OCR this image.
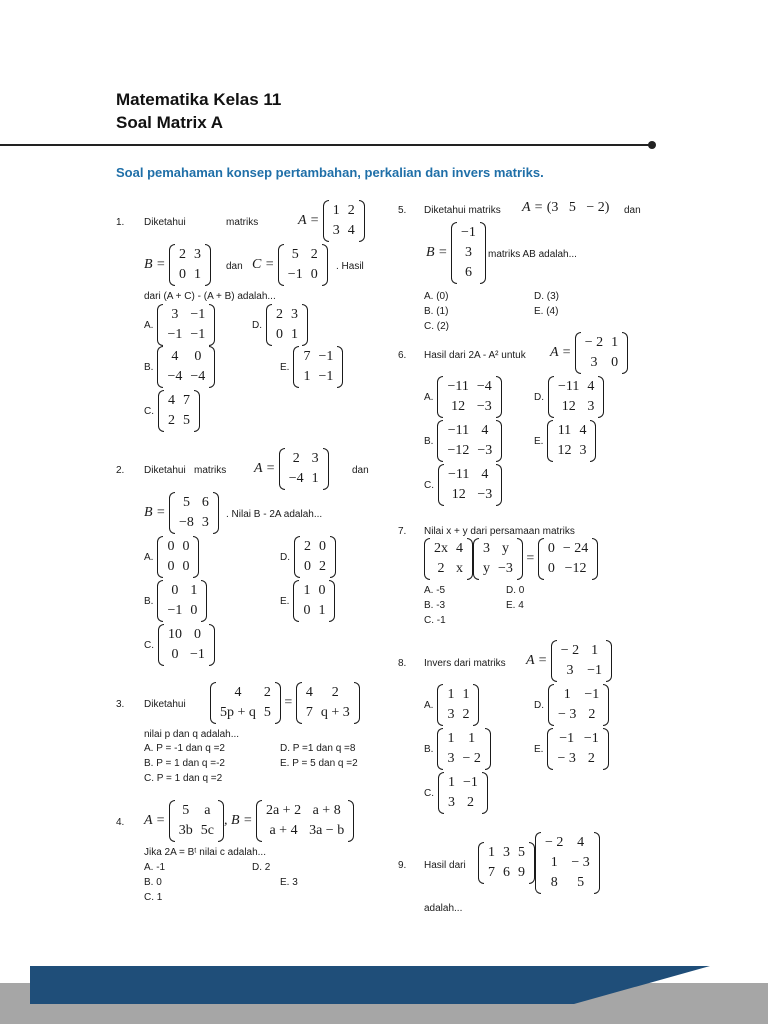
Matematika Kelas 11
Soal Matrix A
Soal pemahaman konsep pertambahan, perkalian dan invers matriks.
1. Diketahui	matriks	A =
1	2
3	4
B =
2	3
0	1
dan C =
5	2
−1	0
. Hasil
dari (A + C) - (A + B) adalah...
A.
3	−1
−1	−1
D.
2	3
0	1
B.
4	0
−4	−4
E.
7	−1
1	−1
C.
4	7
2	5
2. Diketahui   matriks A =
2	3
−4	1
dan
B =
5	6
−8	3
. Nilai B - 2A adalah...
A.
0	0
0	0
D.
2	0
0	2
B.
0	1
−1	0
E.
1	0
0	1
C.
10	0
0	−1
3. Diketahui
4	2
5p + q	5
=
4	2
7	q + 3
nilai p dan q adalah...
A. P = -1 dan q =2	D. P =1 dan q =8
B. P = 1 dan q =-2	E. P = 5 dan q =2
C. P = 1 dan q =2
4. A =
5	a
3b	5c
, B =
2a + 2	a + 8
a + 4	3a − b
Jika 2A = Bᵗ nilai c adalah...
A. -1	D. 2
B. 0	E. 3
C. 1
5. Diketahui matriks A = (3   5   − 2) dan
B =
−1
3
6
matriks AB adalah...
A. (0)	D. (3)
B. (1)	E. (4)
C. (2)
6. Hasil dari 2A - A² untuk A =
− 2	1
3	0
A.
−11	−4
12	−3
D.
−11	4
12	3
B.
−11	4
−12	−3
E.
11	4
12	3
C.
−11	4
12	−3
7. Nilai x + y dari persamaan matriks
2x	4
2	x
3	y
y	−3
=
0	− 24
0	−12
A. -5	D. 0
B. -3	E. 4
C. -1
8. Invers dari matriks A =
− 2	1
3	−1
A.
1	1
3	2
D.
1	−1
− 3	2
B.
1	1
3	− 2
E.
−1	−1
− 3	2
C.
1	−1
3	2
9. Hasil dari
1	3	5
7	6	9
− 2	4
1	− 3
8	5
adalah...
